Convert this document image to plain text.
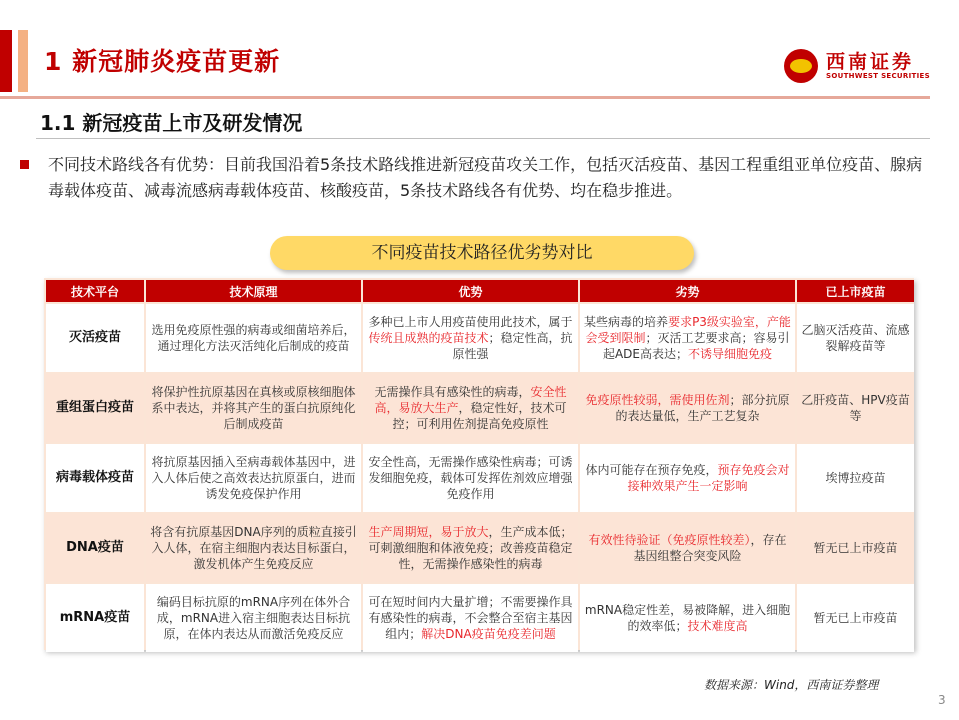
1 新冠肺炎疫苗更新	西南证券
SOUTHWEST SECURITIES
1.1 新冠疫苗上市及研发情况
不同技术路线各有优势：目前我国沿着5条技术路线推进新冠疫苗攻关工作，包括灭活疫苗、基因工程重组亚单位疫苗、腺病毒载体疫苗、减毒流感病毒载体疫苗、核酸疫苗，5条技术路线各有优势、均在稳步推进。
不同疫苗技术路径优劣势对比
技术平台	技术原理	优势	劣势	已上市疫苗
灭活疫苗	选用免疫原性强的病毒或细菌培养后，通过理化方法灭活纯化后制成的疫苗	多种已上市人用疫苗使用此技术，属于传统且成熟的疫苗技术；稳定性高，抗原性强	某些病毒的培养要求P3级实验室，产能会受到限制；灭活工艺要求高；容易引起ADE高表达；不诱导细胞免疫	乙脑灭活疫苗、流感裂解疫苗等
重组蛋白疫苗	将保护性抗原基因在真核或原核细胞体系中表达，并将其产生的蛋白抗原纯化后制成疫苗	无需操作具有感染性的病毒，安全性高，易放大生产，稳定性好，技术可控；可利用佐剂提高免疫原性	免疫原性较弱，需使用佐剂；部分抗原的表达量低，生产工艺复杂	乙肝疫苗、HPV疫苗等
病毒载体疫苗	将抗原基因插入至病毒载体基因中，进入人体后使之高效表达抗原蛋白，进而诱发免疫保护作用	安全性高，无需操作感染性病毒；可诱发细胞免疫，载体可发挥佐剂效应增强免疫作用	体内可能存在预存免疫，预存免疫会对接种效果产生一定影响	埃博拉疫苗
DNA疫苗	将含有抗原基因DNA序列的质粒直接引入人体，在宿主细胞内表达目标蛋白，激发机体产生免疫反应	生产周期短，易于放大，生产成本低；可刺激细胞和体液免疫；改善疫苗稳定性，无需操作感染性的病毒	有效性待验证（免疫原性较差），存在基因组整合突变风险	暂无已上市疫苗
mRNA疫苗	编码目标抗原的mRNA序列在体外合成，mRNA进入宿主细胞表达目标抗原，在体内表达从而激活免疫反应	可在短时间内大量扩增；不需要操作具有感染性的病毒，不会整合至宿主基因组内；解决DNA疫苗免疫差问题	mRNA稳定性差，易被降解，进入细胞的效率低；技术难度高	暂无已上市疫苗
数据来源：Wind，西南证券整理
3
